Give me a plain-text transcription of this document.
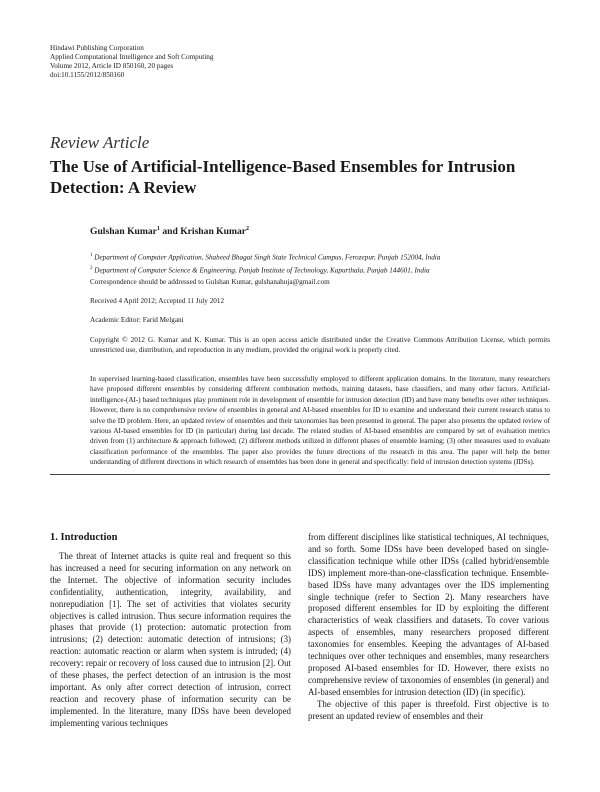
Hindawi Publishing Corporation
Applied Computational Intelligence and Soft Computing
Volume 2012, Article ID 850160, 20 pages
doi:10.1155/2012/850160
Review Article
The Use of Artificial-Intelligence-Based Ensembles for Intrusion Detection: A Review
Gulshan Kumar$^1$ and Krishan Kumar$^2$
$^1$ Department of Computer Application, Shaheed Bhagat Singh State Technical Campus, Ferozepur, Punjab 152004, India
$^2$ Department of Computer Science & Engineering, Punjab Institute of Technology, Kapurthala, Punjab 144601, India
Correspondence should be addressed to Gulshan Kumar, gulshanahuja@gmail.com
Received 4 April 2012; Accepted 11 July 2012
Academic Editor: Farid Melgani
Copyright © 2012 G. Kumar and K. Kumar. This is an open access article distributed under the Creative Commons Attribution License, which permits unrestricted use, distribution, and reproduction in any medium, provided the original work is properly cited.
In supervised learning-based classification, ensembles have been successfully employed to different application domains. In the literature, many researchers have proposed different ensembles by considering different combination methods, training datasets, base classifiers, and many other factors. Artificial-intelligence-(AI-) based techniques play prominent role in development of ensemble for intrusion detection (ID) and have many benefits over other techniques. However, there is no comprehensive review of ensembles in general and AI-based ensembles for ID to examine and understand their current research status to solve the ID problem. Here, an updated review of ensembles and their taxonomies has been presented in general. The paper also presents the updated review of various AI-based ensembles for ID (in particular) during last decade. The related studies of AI-based ensembles are compared by set of evaluation metrics driven from (1) architecture & approach followed; (2) different methods utilized in different phases of ensemble learning; (3) other measures used to evaluate classification performance of the ensembles. The paper also provides the future directions of the research in this area. The paper will help the better understanding of different directions in which research of ensembles has been done in general and specifically: field of intrusion detection systems (IDSs).
1. Introduction

The threat of Internet attacks is quite real and frequent so this has increased a need for securing information on any network on the Internet. The objective of information security includes confidentiality, authentication, integrity, availability, and nonrepudiation [1]. The set of activities that violates security objectives is called intrusion. Thus secure information requires the phases that provide (1) protection: automatic protection from intrusions; (2) detection: automatic detection of intrusions; (3) reaction: automatic reaction or alarm when system is intruded; (4) recovery: repair or recovery of loss caused due to intrusion [2]. Out of these phases, the perfect detection of an intrusion is the most important. As only after correct detection of intrusion, correct reaction and recovery phase of information security can be implemented. In the literature, many IDSs have been developed implementing various techniques

from different disciplines like statistical techniques, AI techniques, and so forth. Some IDSs have been developed based on single-classification technique while other IDSs (called hybrid/ensemble IDS) implement more-than-one-classfication technique. Ensemble-based IDSs have many advantages over the IDS implementing single technique (refer to Section 2). Many researchers have proposed different ensembles for ID by exploiting the different characteristics of weak classifiers and datasets. To cover various aspects of ensembles, many researchers proposed different taxonomies for ensembles. Keeping the advantages of AI-based techniques over other techniques and ensembles, many researchers proposed AI-based ensembles for ID. However, there exists no comprehensive review of taxonomies of ensembles (in general) and AI-based ensembles for intrusion detection (ID) (in specific).

The objective of this paper is threefold. First objective is to present an updated review of ensembles and their
